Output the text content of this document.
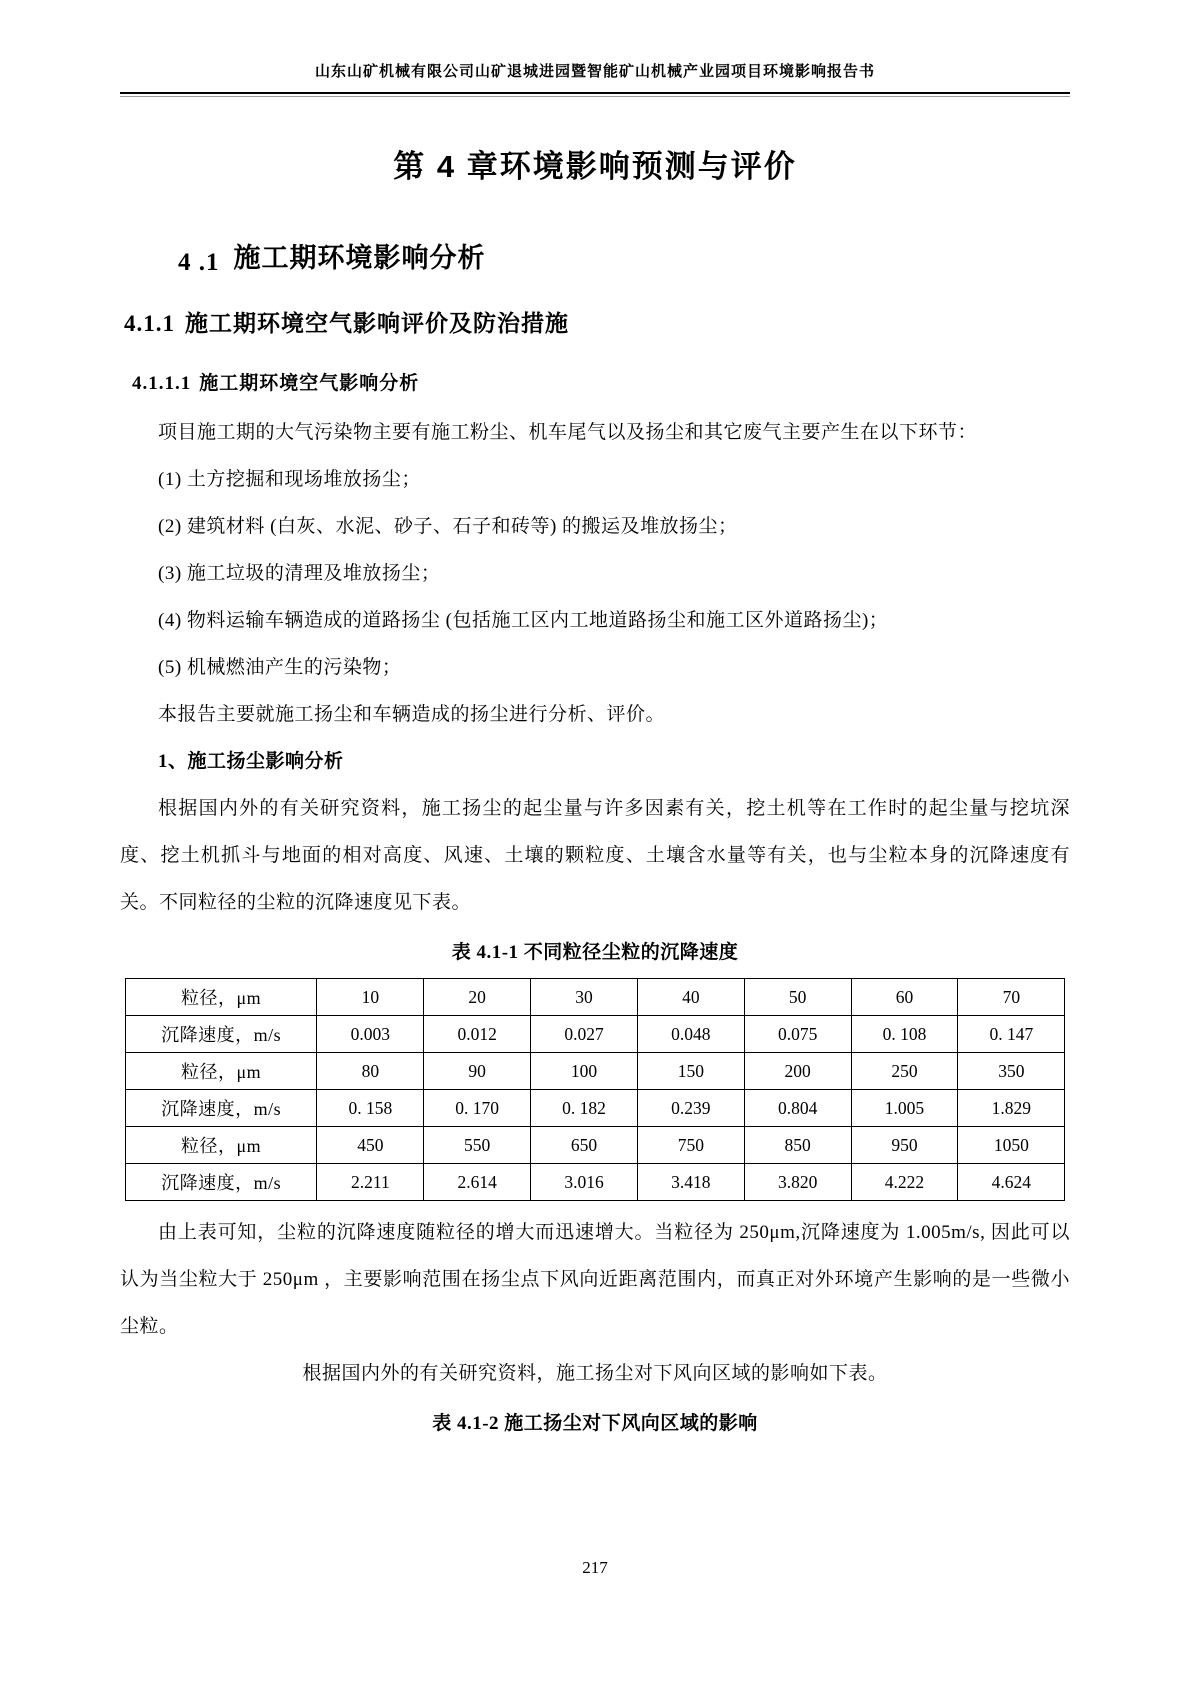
山东山矿机械有限公司山矿退城进园暨智能矿山机械产业园项目环境影响报告书
第 4 章环境影响预测与评价
4 .1 施工期环境影响分析
4.1.1 施工期环境空气影响评价及防治措施
4.1.1.1 施工期环境空气影响分析

项目施工期的大气污染物主要有施工粉尘、机车尾气以及扬尘和其它废气主要产生在以下环节：

(1) 土方挖掘和现场堆放扬尘；

(2) 建筑材料 (白灰、水泥、砂子、石子和砖等) 的搬运及堆放扬尘；

(3) 施工垃圾的清理及堆放扬尘；

(4) 物料运输车辆造成的道路扬尘 (包括施工区内工地道路扬尘和施工区外道路扬尘)；

(5) 机械燃油产生的污染物；

本报告主要就施工扬尘和车辆造成的扬尘进行分析、评价。

1、施工扬尘影响分析

根据国内外的有关研究资料，施工扬尘的起尘量与许多因素有关，挖土机等在工作时的起尘量与挖坑深度、挖土机抓斗与地面的相对高度、风速、土壤的颗粒度、土壤含水量等有关，也与尘粒本身的沉降速度有关。不同粒径的尘粒的沉降速度见下表。

表 4.1-1 不同粒径尘粒的沉降速度
粒径，μm	10	20	30	40	50	60	70
沉降速度，m/s	0.003	0.012	0.027	0.048	0.075	0. 108	0. 147
粒径，μm	80	90	100	150	200	250	350
沉降速度，m/s	0. 158	0. 170	0. 182	0.239	0.804	1.005	1.829
粒径，μm	450	550	650	750	850	950	1050
沉降速度，m/s	2.211	2.614	3.016	3.418	3.820	4.222	4.624

由上表可知，尘粒的沉降速度随粒径的增大而迅速增大。当粒径为 250μm,沉降速度为 1.005m/s, 因此可以认为当尘粒大于 250μm ，主要影响范围在扬尘点下风向近距离范围内，而真正对外环境产生影响的是一些微小尘粒。

根据国内外的有关研究资料，施工扬尘对下风向区域的影响如下表。

表 4.1-2 施工扬尘对下风向区域的影响
217
